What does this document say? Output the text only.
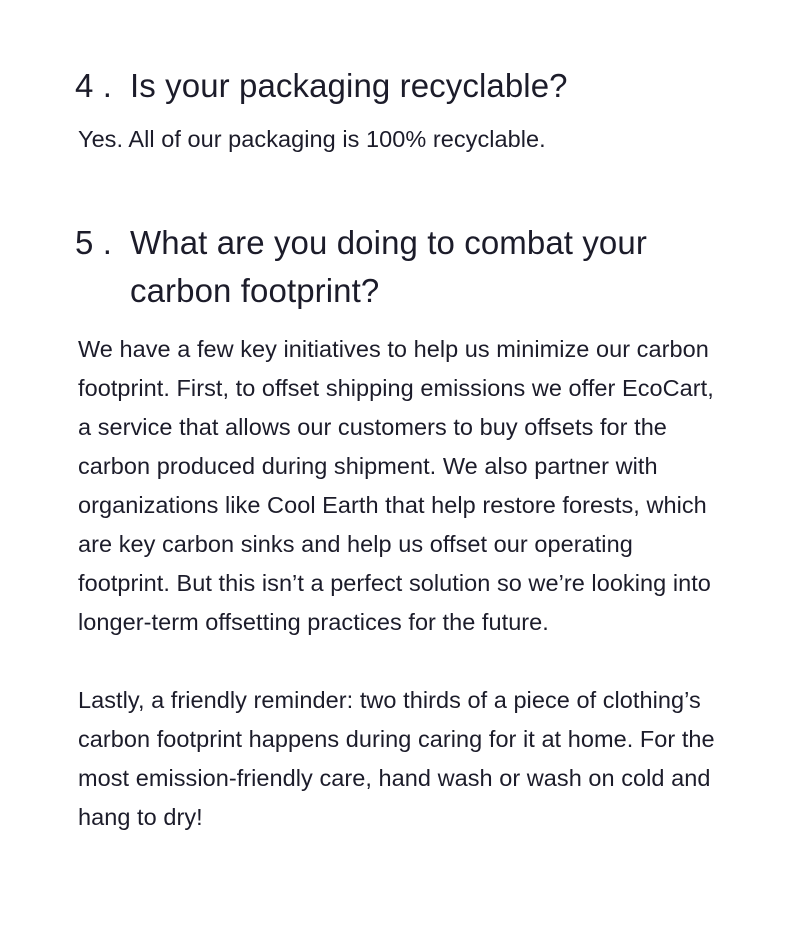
4 . Is your packaging recyclable?

Yes. All of our packaging is 100% recyclable.

5 . What are you doing to combat your carbon footprint?

We have a few key initiatives to help us minimize our carbon footprint. First, to offset shipping emissions we offer EcoCart, a service that allows our customers to buy offsets for the carbon produced during shipment. We also partner with organizations like Cool Earth that help restore forests, which are key carbon sinks and help us offset our operating footprint. But this isn’t a perfect solution so we’re looking into longer-term offsetting practices for the future.

Lastly, a friendly reminder: two thirds of a piece of clothing’s carbon footprint happens during caring for it at home. For the most emission-friendly care, hand wash or wash on cold and hang to dry!
